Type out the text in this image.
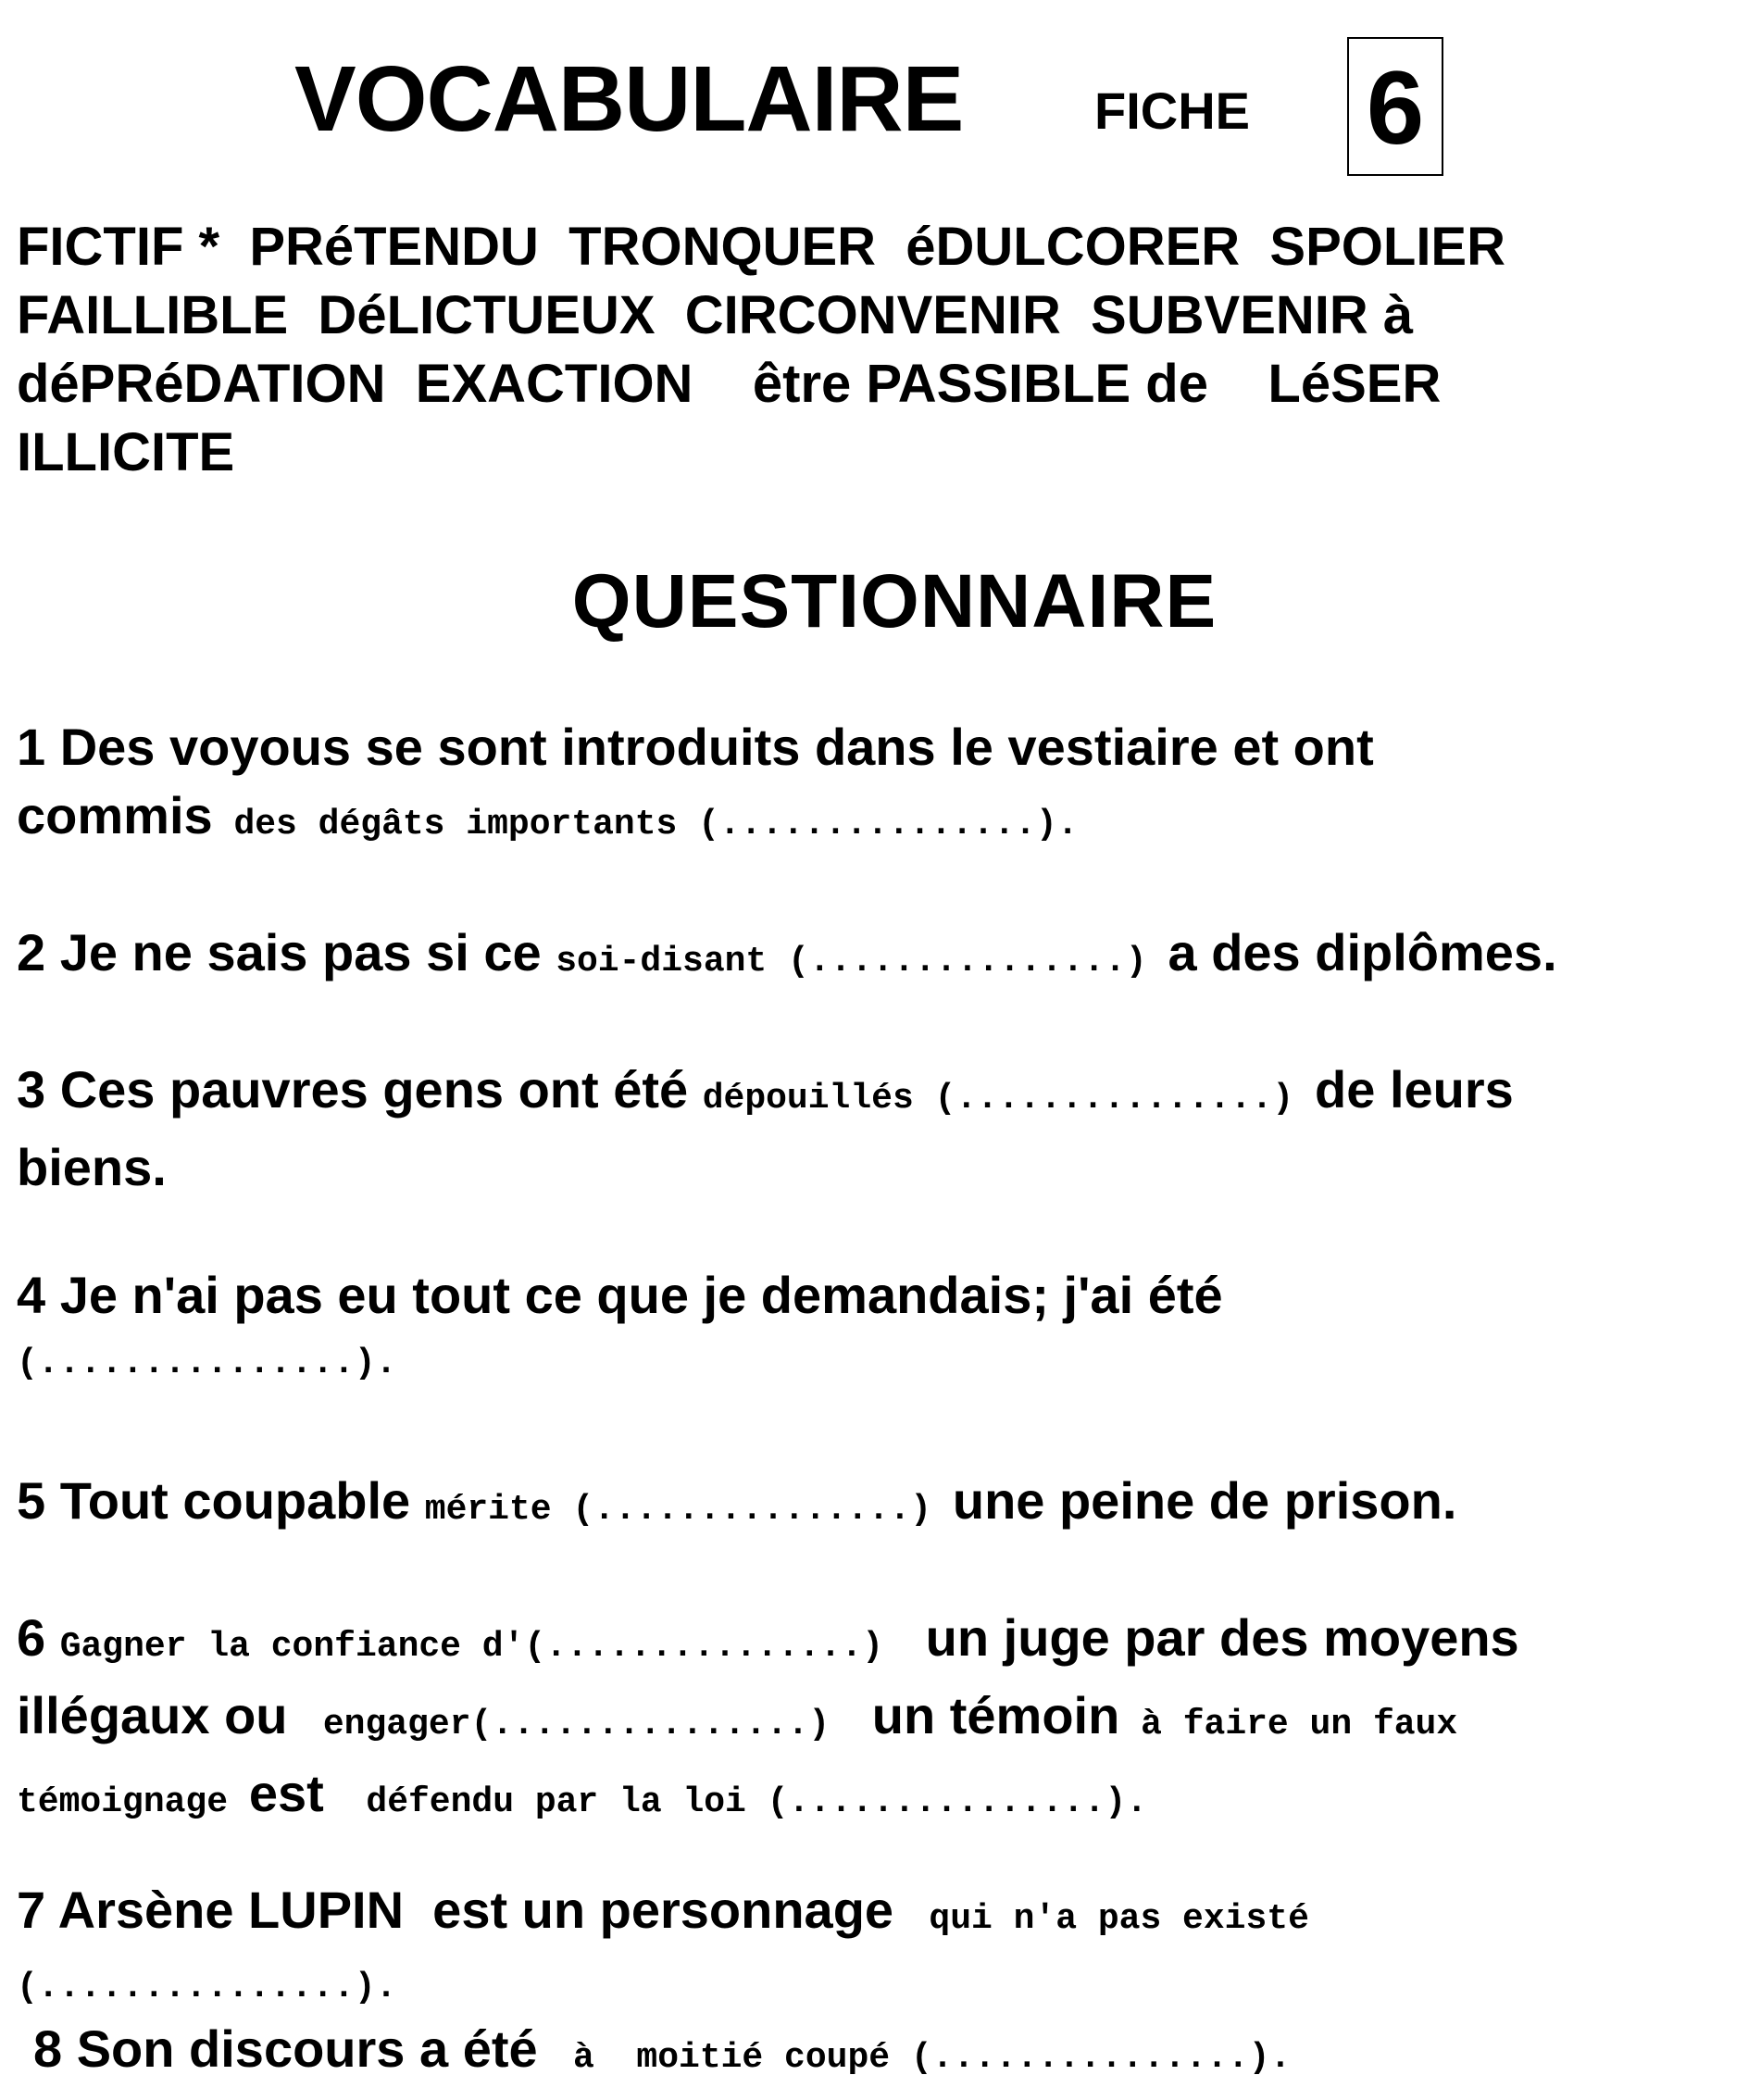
VOCABULAIRE	FICHE 6
FICTIF *  PRéTENDU  TRONQUER  éDULCORER  SPOLIER
FAILLIBLE  DéLICTUEUX  CIRCONVENIR  SUBVENIR à
déPRéDATION  EXACTION    être PASSIBLE de    LéSER
ILLICITE
QUESTIONNAIRE
1 Des voyous se sont introduits dans le vestiaire et ont
commis des dégâts importants (...............).
2 Je ne sais pas si ce soi-disant (...............) a des diplômes.
3 Ces pauvres gens ont été dépouillés (...............) de leurs
biens.
4 Je n'ai pas eu tout ce que je demandais; j'ai été
(...............).
5 Tout coupable mérite (...............) une peine de prison.
6 Gagner la confiance d'(...............)  un juge par des moyens
illégaux ou  engager(...............)  un témoin à faire un faux
témoignage est  défendu par la loi (...............).
7 Arsène LUPIN  est un personnage  qui n'a pas existé
(...............).
8 Son discours a été  à  moitié coupé (...............).
